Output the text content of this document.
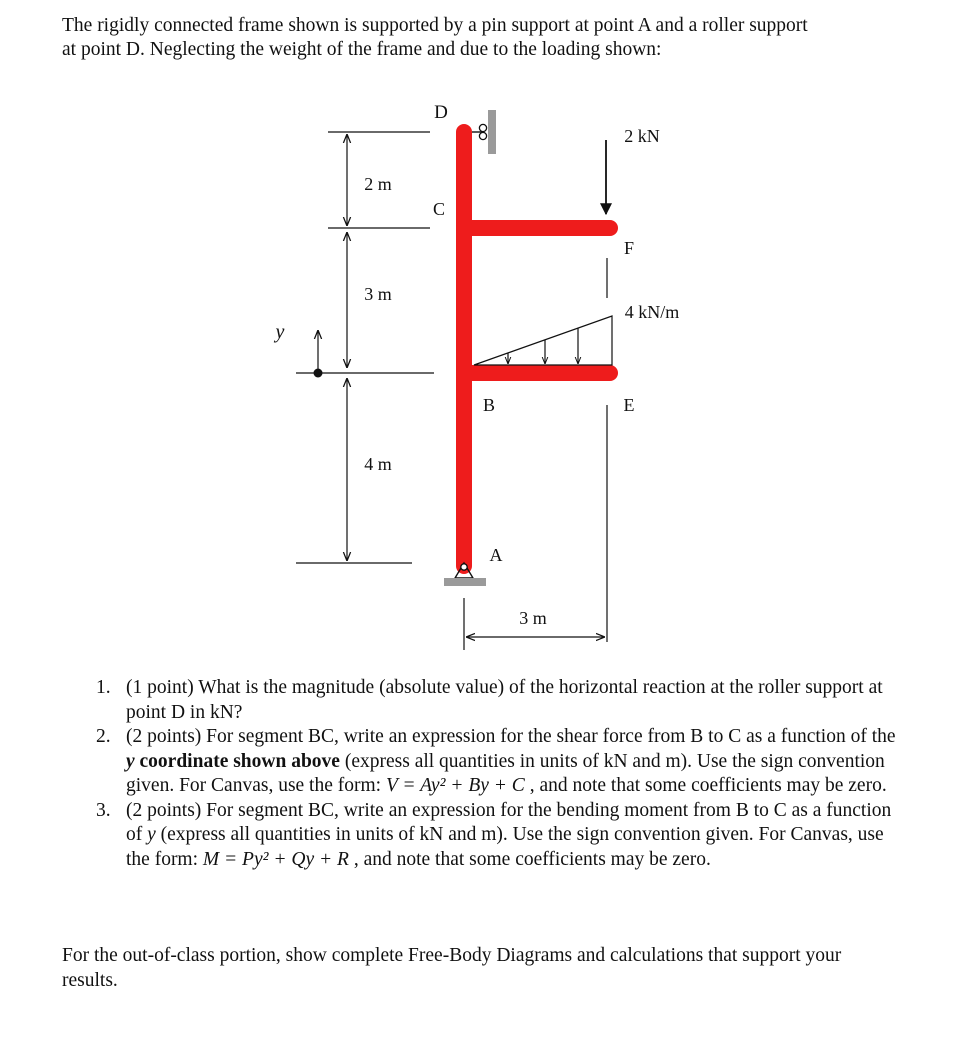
The rigidly connected frame shown is supported by a pin support at point A and a roller support

at point D. Neglecting the weight of the frame and due to the loading shown:

2 m
3 m
4 m
y
2 kN
4 kN/m
3 m
D
C
F
B	E
A
1. (1 point) What is the magnitude (absolute value) of the horizontal reaction at the roller support at point D in kN?
2. (2 points) For segment BC, write an expression for the shear force from B to C as a function of the y coordinate shown above (express all quantities in units of kN and m). Use the sign convention given. For Canvas, use the form: V = Ay² + By + C , and note that some coefficients may be zero.
3. (2 points) For segment BC, write an expression for the bending moment from B to C as a function of y (express all quantities in units of kN and m). Use the sign convention given. For Canvas, use the form: M = Py² + Qy + R , and note that some coefficients may be zero.

For the out-of-class portion, show complete Free-Body Diagrams and calculations that support your results.
